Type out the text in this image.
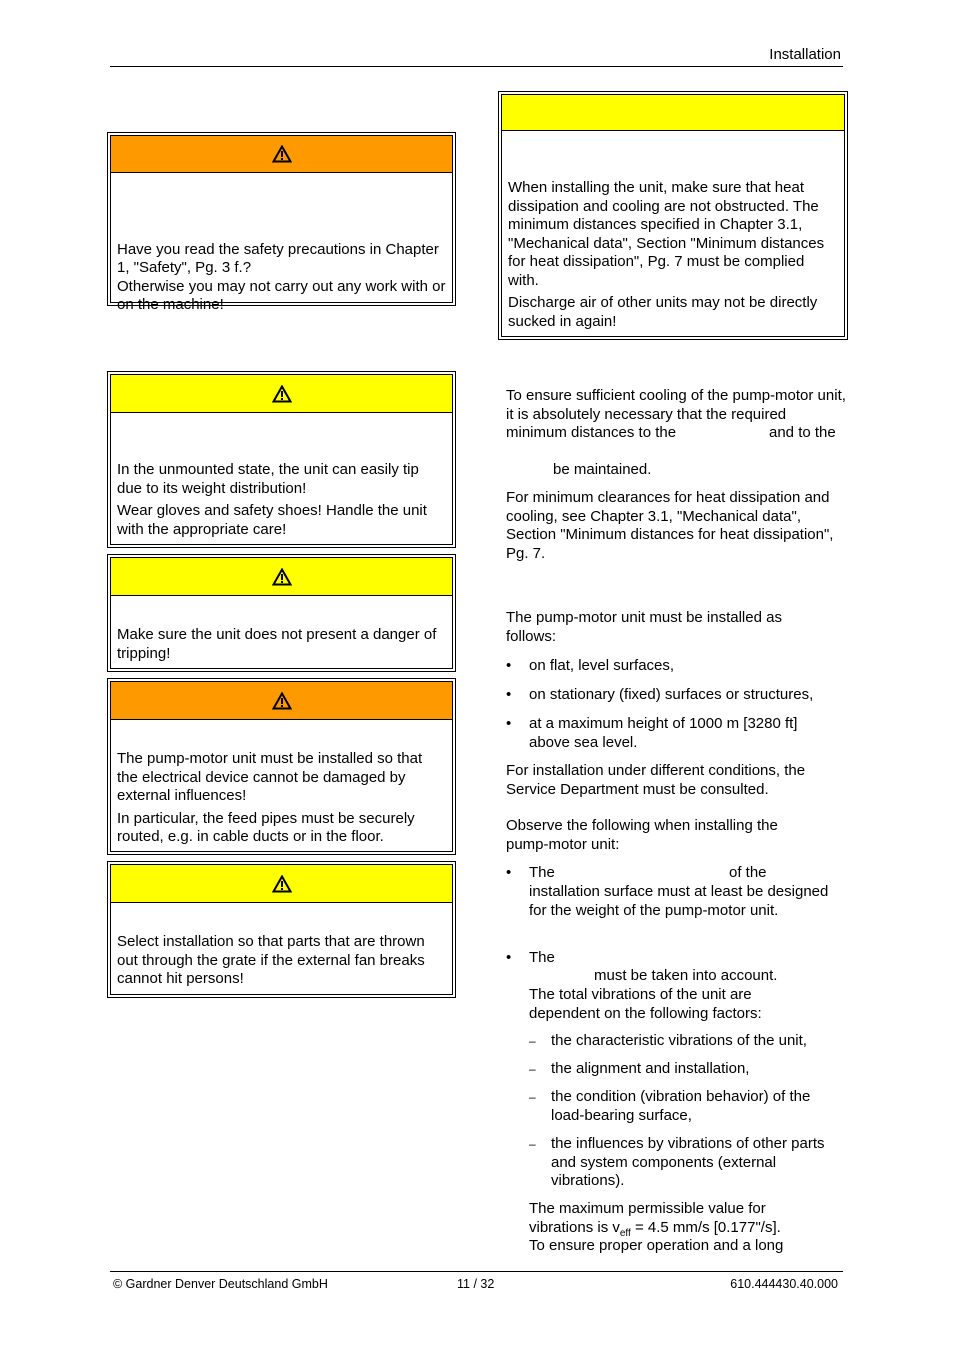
Installation

Have you read the safety precautions in Chapter 1, "Safety", Pg. 3 f.?
Otherwise you may not carry out any work with or on the machine!

When installing the unit, make sure that heat dissipation and cooling are not obstructed. The minimum distances specified in Chapter 3.1, "Mechanical data", Section "Minimum distances for heat dissipation", Pg. 7 must be complied with.

Discharge air of other units may not be directly sucked in again!

In the unmounted state, the unit can easily tip due to its weight distribution!

Wear gloves and safety shoes! Handle the unit with the appropriate care!

Make sure the unit does not present a danger of tripping!

The pump-motor unit must be installed so that the electrical device cannot be damaged by external influences!

In particular, the feed pipes must be securely routed, e.g. in cable ducts or in the floor.

Select installation so that parts that are thrown out through the grate if the external fan breaks cannot hit persons!

To ensure sufficient cooling of the pump-motor unit, it is absolutely necessary that the required minimum distances to the	and to the
be maintained.
For minimum clearances for heat dissipation and cooling, see Chapter 3.1, "Mechanical data", Section "Minimum distances for heat dissipation", Pg. 7.
The pump-motor unit must be installed as follows:
• on flat, level surfaces,
• on stationary (fixed) surfaces or structures,
• at a maximum height of 1000 m [3280 ft] above sea level.
For installation under different conditions, the Service Department must be consulted.
Observe the following when installing the pump-motor unit:
• The	of the
installation surface must at least be designed for the weight of the pump-motor unit.
• The
must be taken into account.
The total vibrations of the unit are dependent on the following factors:
– the characteristic vibrations of the unit,
– the alignment and installation,
– the condition (vibration behavior) of the load-bearing surface,
– the influences by vibrations of other parts and system components (external vibrations).
The maximum permissible value for vibrations is $v_{eff} = 4.5$ mm/s [0.177"/s].
To ensure proper operation and a long
© Gardner Denver Deutschland GmbH	11 / 32	610.444430.40.000
